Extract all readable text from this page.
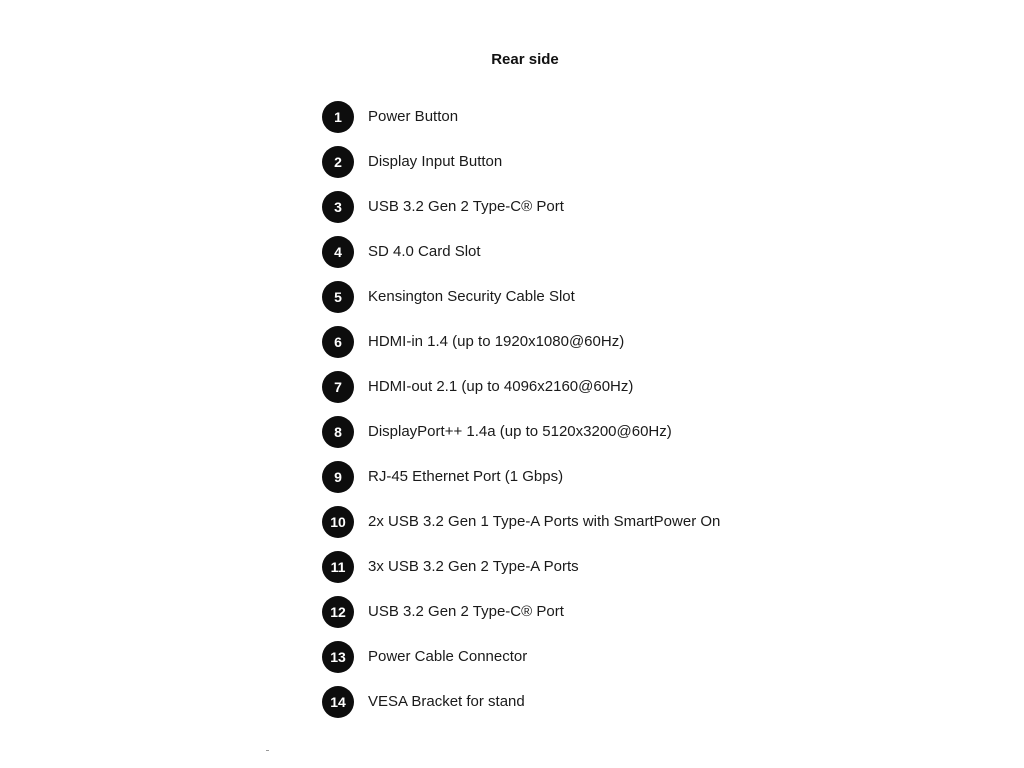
Rear side
1	Power Button
2	Display Input Button
3	USB 3.2 Gen 2 Type-C® Port
4	SD 4.0 Card Slot
5	Kensington Security Cable Slot
6	HDMI-in 1.4 (up to 1920x1080@60Hz)
7	HDMI-out 2.1 (up to 4096x2160@60Hz)
8	DisplayPort++ 1.4a (up to 5120x3200@60Hz)
9	RJ-45 Ethernet Port (1 Gbps)
10	2x USB 3.2 Gen 1 Type-A Ports with SmartPower On
11	3x USB 3.2 Gen 2 Type-A Ports
12	USB 3.2 Gen 2 Type-C® Port
13	Power Cable Connector
14	VESA Bracket for stand
